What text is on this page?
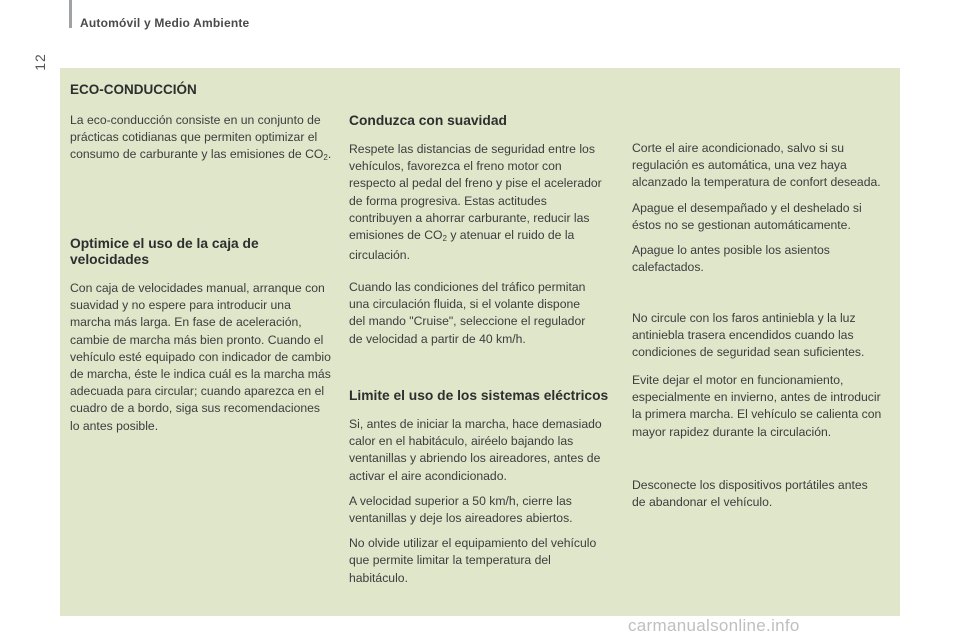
Automóvil y Medio Ambiente
12
ECO-CONDUCCIÓN

La eco-conducción consiste en un conjunto de prácticas cotidianas que permiten optimizar el consumo de carburante y las emisiones de $CO_2$.

Optimice el uso de la caja de velocidades

Con caja de velocidades manual, arranque con suavidad y no espere para introducir una marcha más larga. En fase de aceleración, cambie de marcha más bien pronto. Cuando el vehículo esté equipado con indicador de cambio de marcha, éste le indica cuál es la marcha más adecuada para circular; cuando aparezca en el cuadro de a bordo, siga sus recomendaciones lo antes posible.

Conduzca con suavidad

Respete las distancias de seguridad entre los vehículos, favorezca el freno motor con respecto al pedal del freno y pise el acelerador de forma progresiva. Estas actitudes contribuyen a ahorrar carburante, reducir las emisiones de $CO_2$ y atenuar el ruido de la circulación.

Cuando las condiciones del tráfico permitan una circulación fluida, si el volante dispone del mando "Cruise", seleccione el regulador de velocidad a partir de 40 km/h.

Limite el uso de los sistemas eléctricos

Si, antes de iniciar la marcha, hace demasiado calor en el habitáculo, airéelo bajando las ventanillas y abriendo los aireadores, antes de activar el aire acondicionado.

A velocidad superior a 50 km/h, cierre las ventanillas y deje los aireadores abiertos.

No olvide utilizar el equipamiento del vehículo que permite limitar la temperatura del habitáculo.

Corte el aire acondicionado, salvo si su regulación es automática, una vez haya alcanzado la temperatura de confort deseada.

Apague el desempañado y el deshelado si éstos no se gestionan automáticamente.

Apague lo antes posible los asientos calefactados.

No circule con los faros antiniebla y la luz antiniebla trasera encendidos cuando las condiciones de seguridad sean suficientes.

Evite dejar el motor en funcionamiento, especialmente en invierno, antes de introducir la primera marcha. El vehículo se calienta con mayor rapidez durante la circulación.

Desconecte los dispositivos portátiles antes de abandonar el vehículo.

carmanualsonline.info
